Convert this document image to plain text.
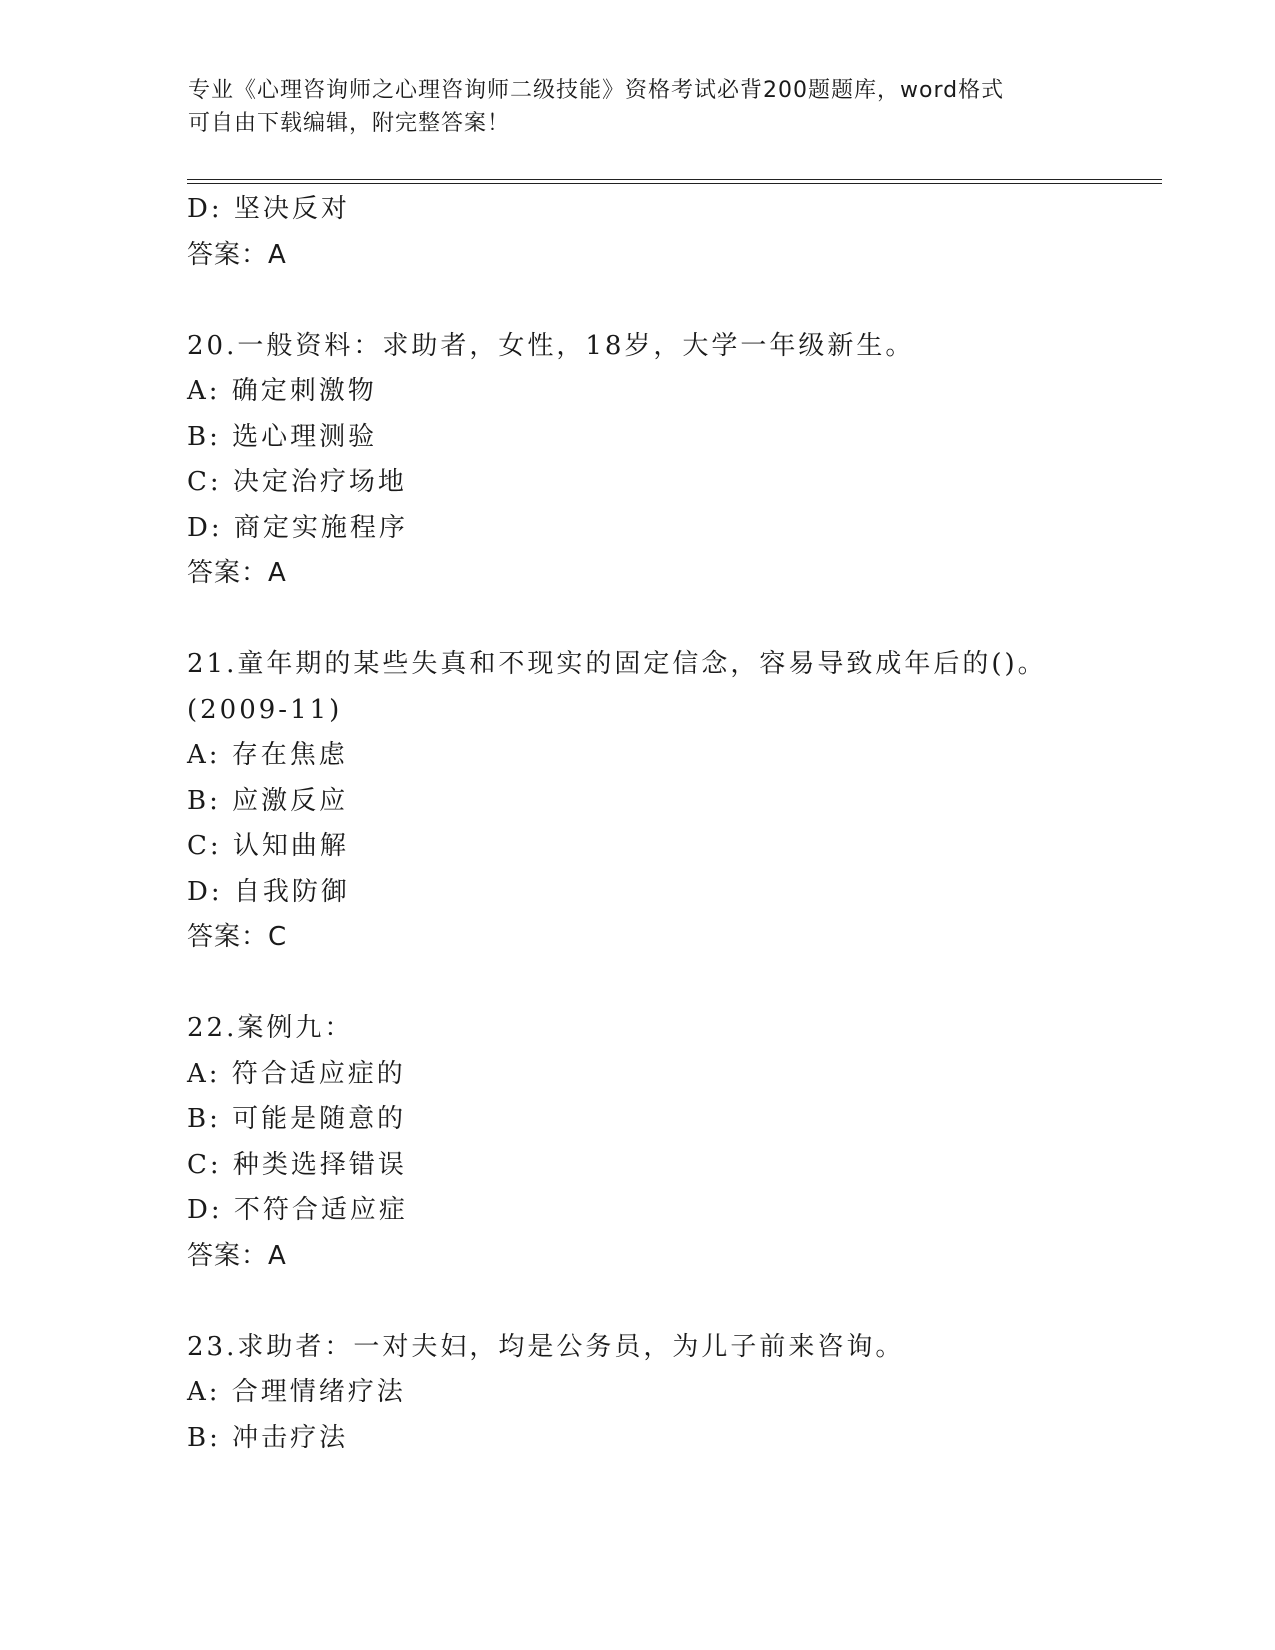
专业《心理咨询师之心理咨询师二级技能》资格考试必背200题题库，word格式
可自由下载编辑，附完整答案！
D: 坚决反对
答案：A
20.一般资料：求助者，女性，18岁，大学一年级新生。
A: 确定刺激物
B: 选心理测验
C: 决定治疗场地
D: 商定实施程序
答案：A
21.童年期的某些失真和不现实的固定信念，容易导致成年后的()。
(2009-11)
A: 存在焦虑
B: 应激反应
C: 认知曲解
D: 自我防御
答案：C
22.案例九：
A: 符合适应症的
B: 可能是随意的
C: 种类选择错误
D: 不符合适应症
答案：A
23.求助者：一对夫妇，均是公务员，为儿子前来咨询。
A: 合理情绪疗法
B: 冲击疗法
